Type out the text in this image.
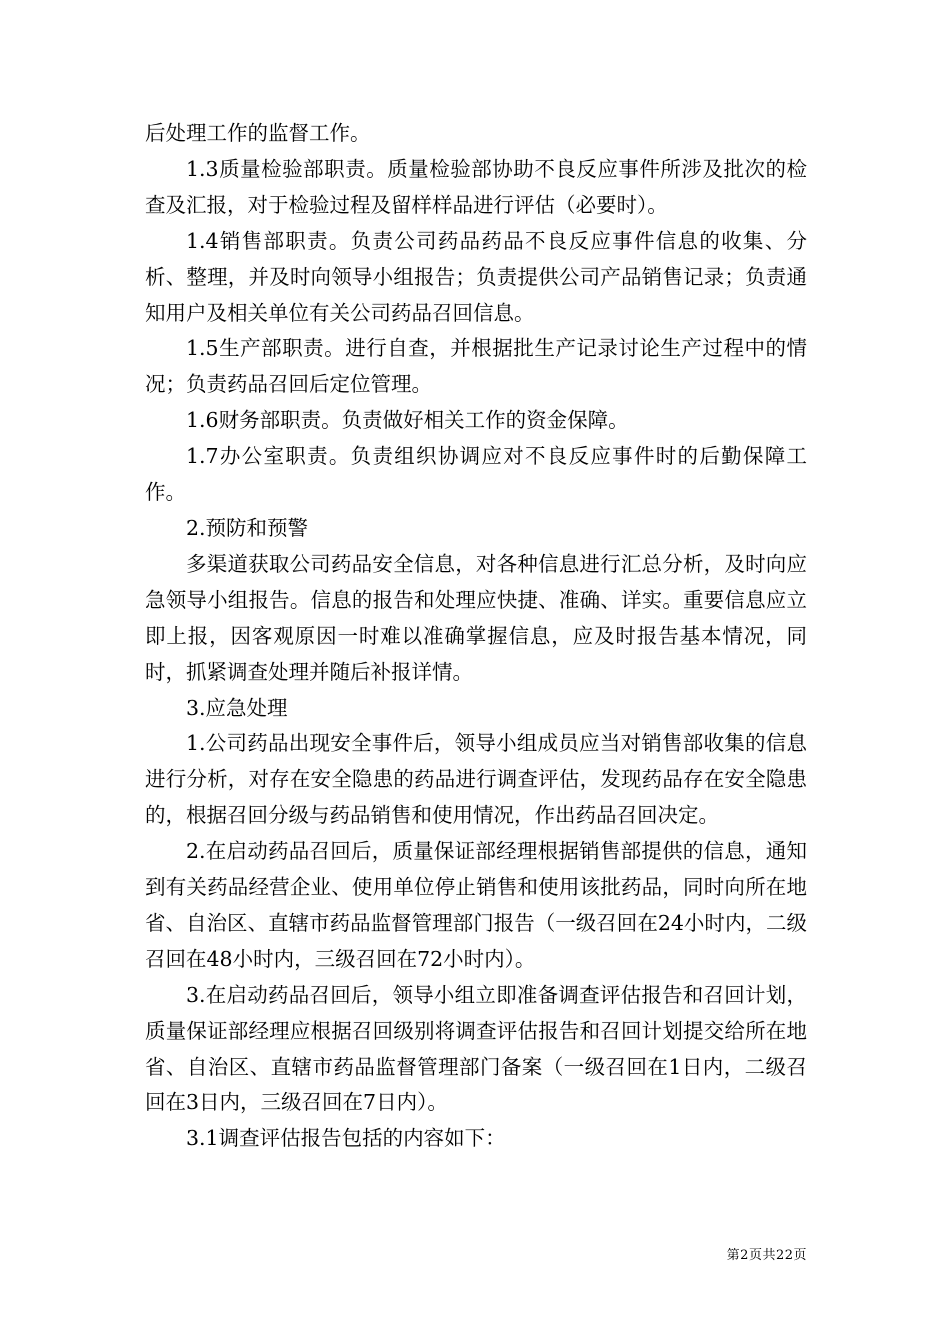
后处理工作的监督工作。

1.3质量检验部职责。质量检验部协助不良反应事件所涉及批次的检查及汇报，对于检验过程及留样样品进行评估（必要时）。

1.4销售部职责。负责公司药品药品不良反应事件信息的收集、分析、整理，并及时向领导小组报告；负责提供公司产品销售记录；负责通知用户及相关单位有关公司药品召回信息。

1.5生产部职责。进行自查，并根据批生产记录讨论生产过程中的情况；负责药品召回后定位管理。

1.6财务部职责。负责做好相关工作的资金保障。

1.7办公室职责。负责组织协调应对不良反应事件时的后勤保障工作。

2.预防和预警

多渠道获取公司药品安全信息，对各种信息进行汇总分析，及时向应急领导小组报告。信息的报告和处理应快捷、准确、详实。重要信息应立即上报，因客观原因一时难以准确掌握信息，应及时报告基本情况，同时，抓紧调查处理并随后补报详情。

3.应急处理

1.公司药品出现安全事件后，领导小组成员应当对销售部收集的信息进行分析，对存在安全隐患的药品进行调查评估，发现药品存在安全隐患的，根据召回分级与药品销售和使用情况，作出药品召回决定。

2.在启动药品召回后，质量保证部经理根据销售部提供的信息，通知到有关药品经营企业、使用单位停止销售和使用该批药品，同时向所在地省、自治区、直辖市药品监督管理部门报告（一级召回在24小时内，二级召回在48小时内，三级召回在72小时内）。

3.在启动药品召回后，领导小组立即准备调查评估报告和召回计划，质量保证部经理应根据召回级别将调查评估报告和召回计划提交给所在地省、自治区、直辖市药品监督管理部门备案（一级召回在1日内，二级召回在3日内，三级召回在7日内）。

3.1调查评估报告包括的内容如下：

第2页共22页
